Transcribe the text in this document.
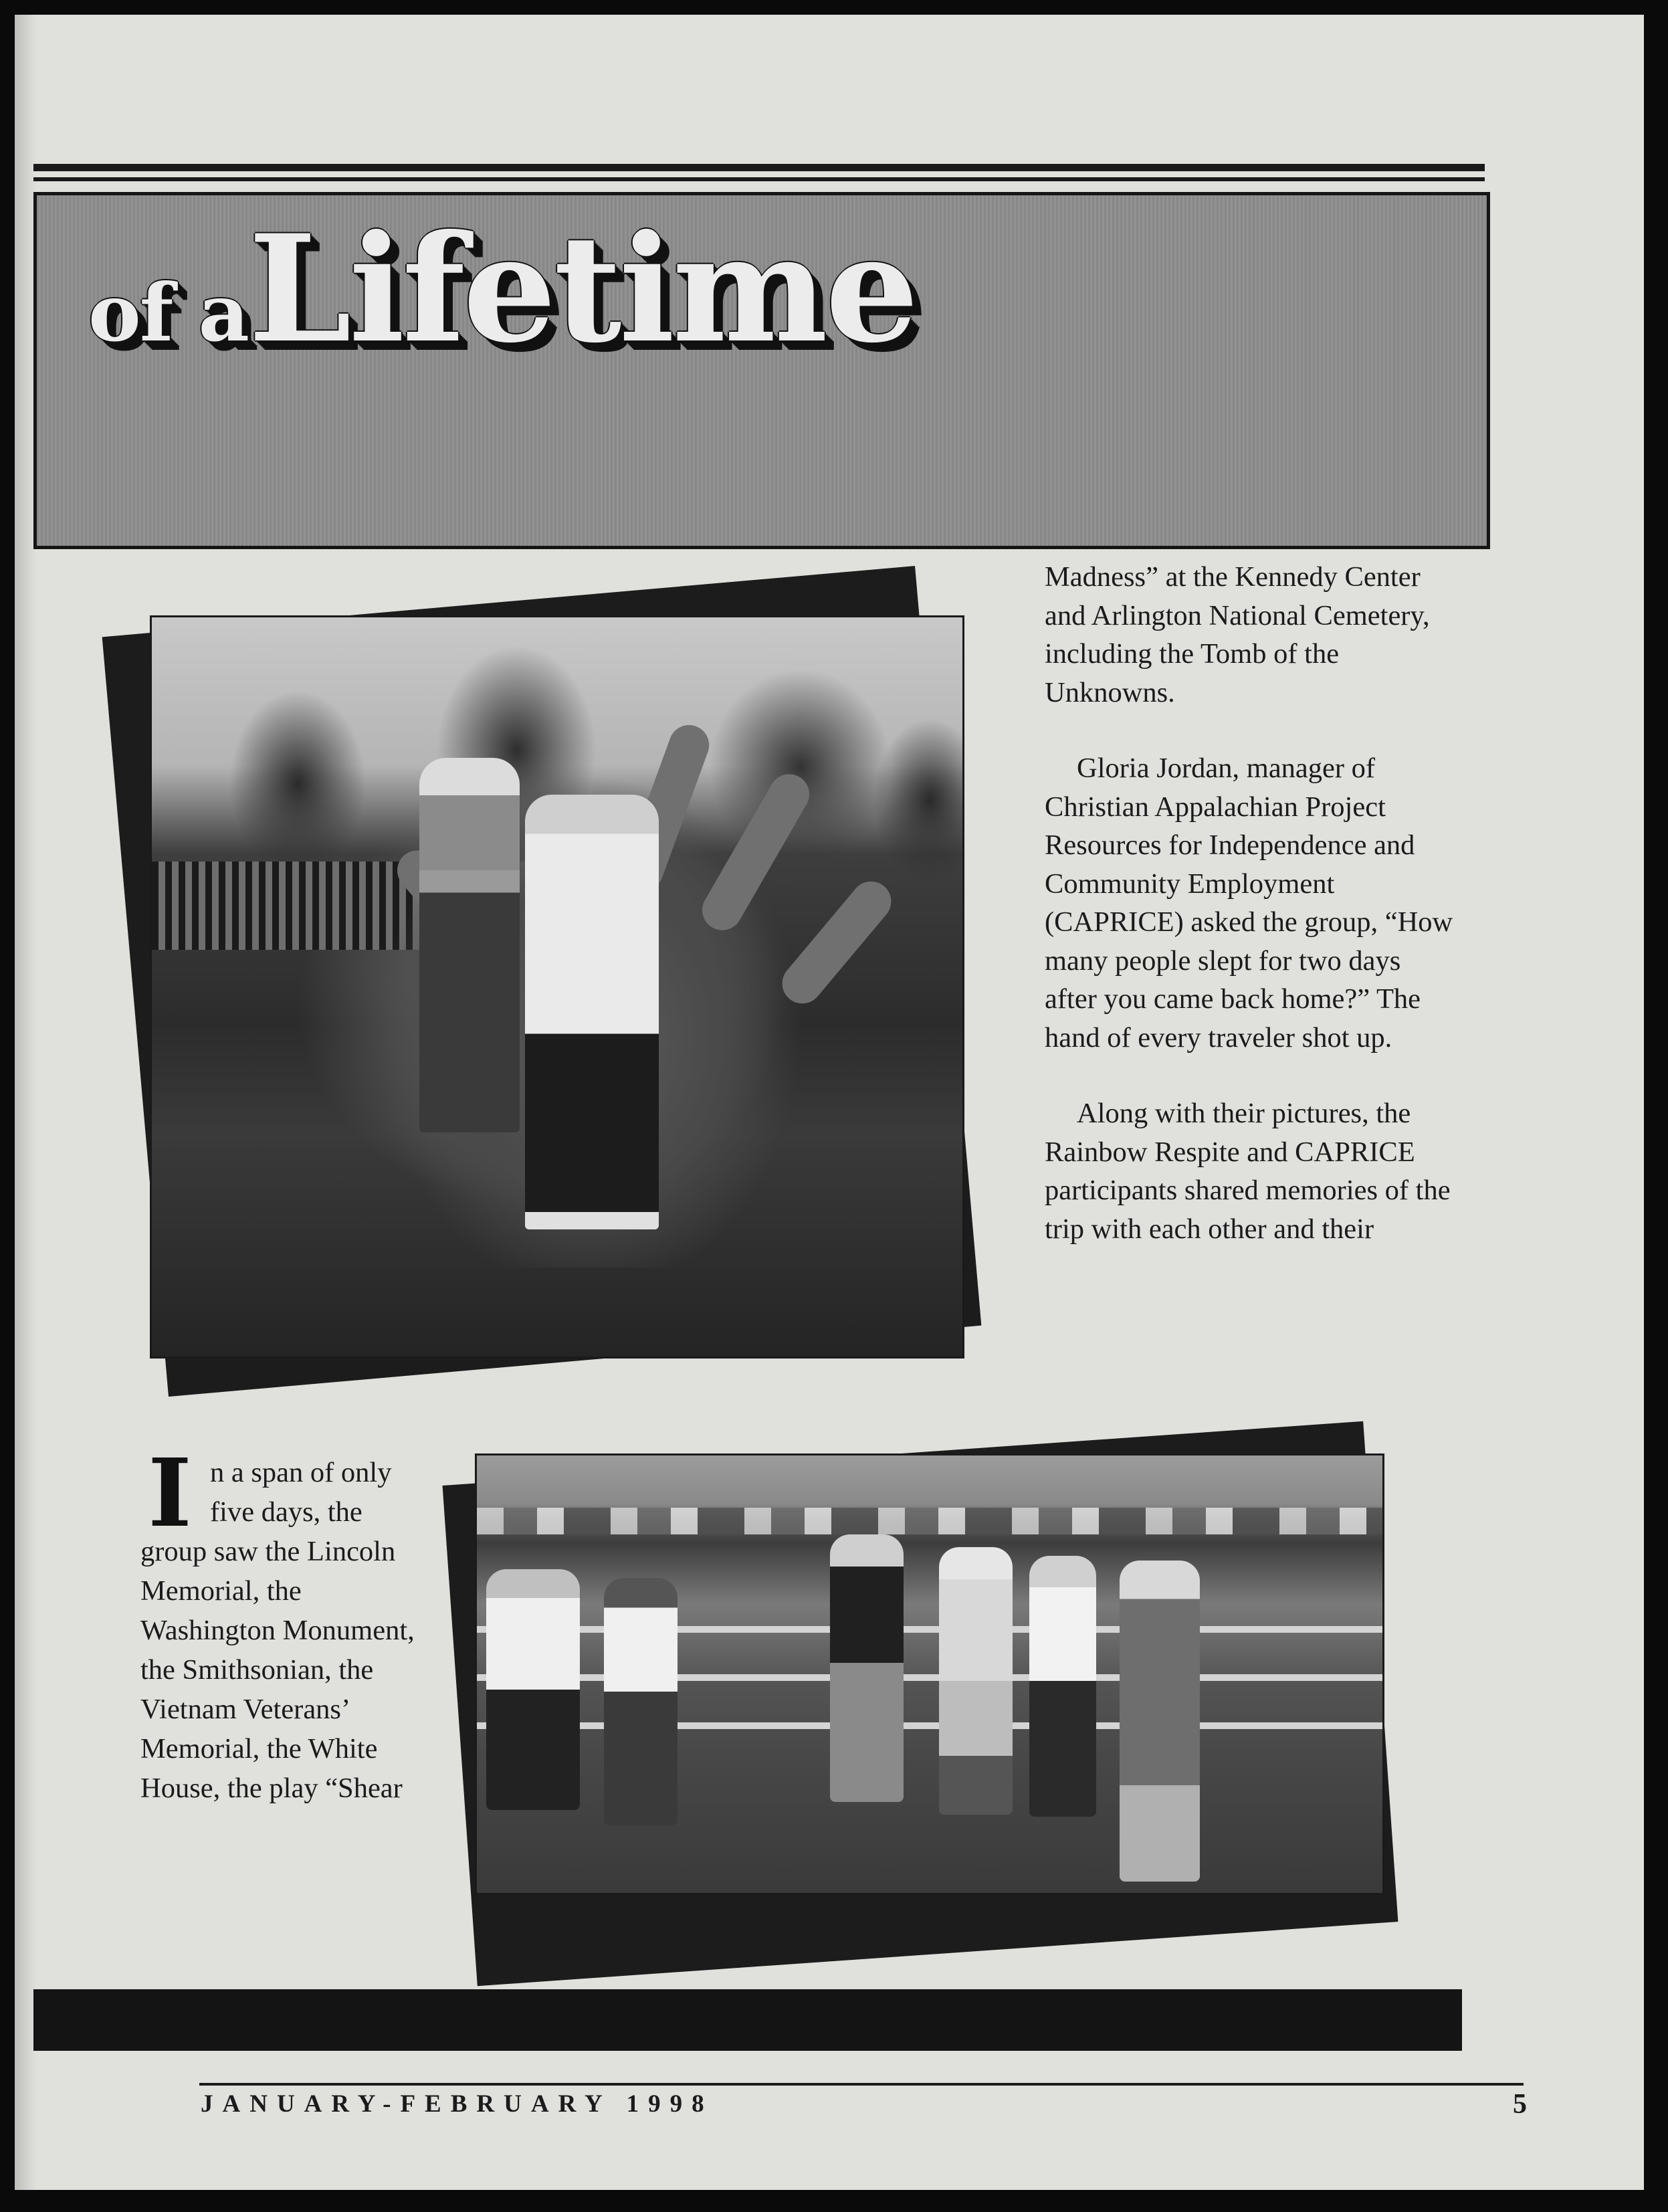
of aLifetime

Madness” at the Kennedy Center and Arlington National Cemetery, including the Tomb of the Unknowns.

Gloria Jordan, manager of Christian Appalachian Project Resources for Independence and Community Employment (CAPRICE) asked the group, “How many people slept for two days after you came back home?” The hand of every traveler shot up.

Along with their pictures, the Rainbow Respite and CAPRICE participants shared memories of the trip with each other and their

I n a span of only five days, the group saw the Lincoln Memorial, the Washington Monument, the Smithsonian, the Vietnam Veterans’ Memorial, the White House, the play “Shear
JANUARY-FEBRUARY 1998	5
